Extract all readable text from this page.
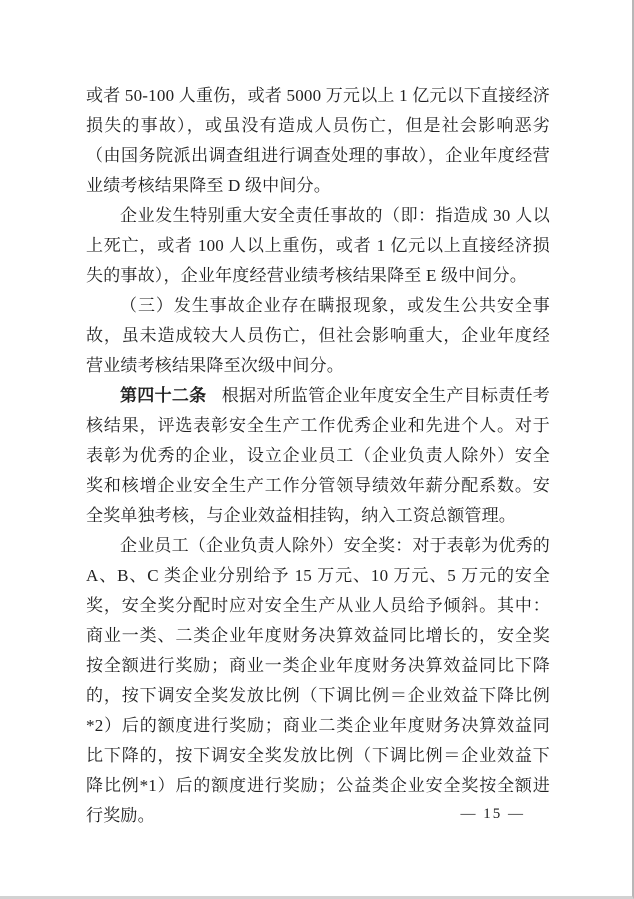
或者 50-100 人重伤，或者 5000 万元以上 1 亿元以下直接经济损失的事故），或虽没有造成人员伤亡，但是社会影响恶劣（由国务院派出调查组进行调查处理的事故），企业年度经营业绩考核结果降至 D 级中间分。

企业发生特别重大安全责任事故的（即：指造成 30 人以上死亡，或者 100 人以上重伤，或者 1 亿元以上直接经济损失的事故），企业年度经营业绩考核结果降至 E 级中间分。

（三）发生事故企业存在瞒报现象，或发生公共安全事故，虽未造成较大人员伤亡，但社会影响重大，企业年度经营业绩考核结果降至次级中间分。

第四十二条 根据对所监管企业年度安全生产目标责任考核结果，评选表彰安全生产工作优秀企业和先进个人。对于表彰为优秀的企业，设立企业员工（企业负责人除外）安全奖和核增企业安全生产工作分管领导绩效年薪分配系数。安全奖单独考核，与企业效益相挂钩，纳入工资总额管理。

企业员工（企业负责人除外）安全奖：对于表彰为优秀的 A、B、C 类企业分别给予 15 万元、10 万元、5 万元的安全奖，安全奖分配时应对安全生产从业人员给予倾斜。其中：商业一类、二类企业年度财务决算效益同比增长的，安全奖按全额进行奖励；商业一类企业年度财务决算效益同比下降的，按下调安全奖发放比例（下调比例＝企业效益下降比例*2）后的额度进行奖励；商业二类企业年度财务决算效益同比下降的，按下调安全奖发放比例（下调比例＝企业效益下降比例*1）后的额度进行奖励；公益类企业安全奖按全额进行奖励。	— 15 —
